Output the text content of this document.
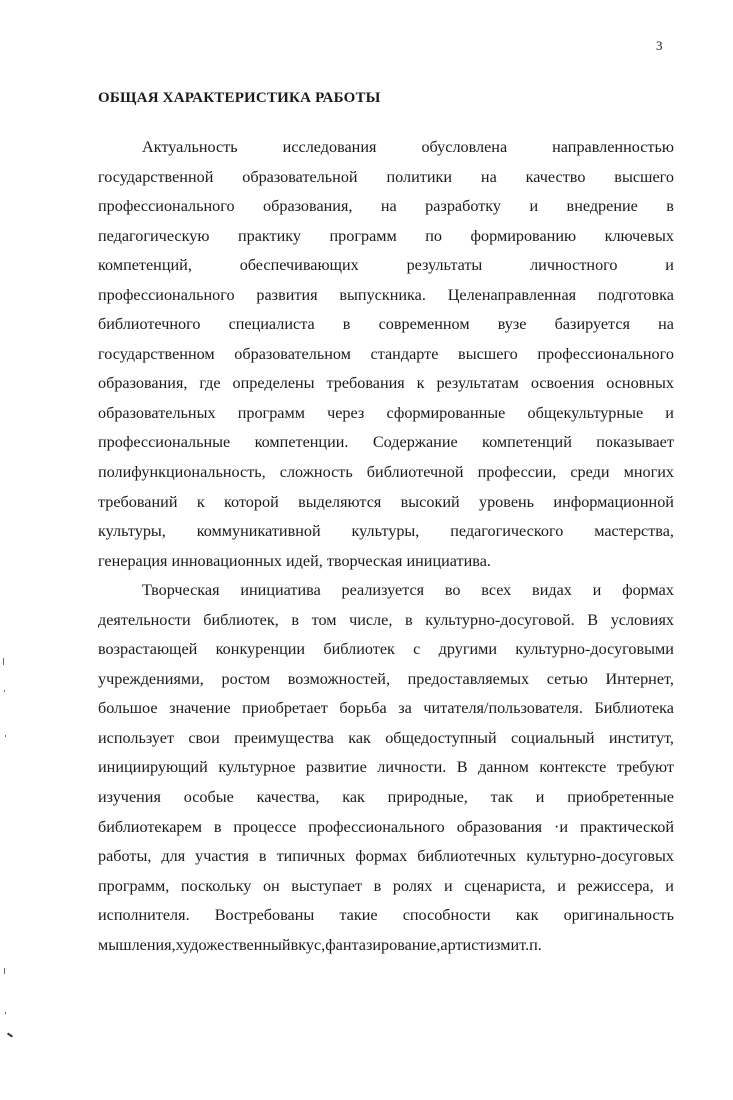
3
ОБЩАЯ ХАРАКТЕРИСТИКА РАБОТЫ
Актуальность	исследования	обусловлена	направленностью
государственной образовательной политики на качество высшего
профессионального образования, на разработку и внедрение в
педагогическую практику программ по формированию ключевых
компетенций,	обеспечивающих	результаты	личностного	и
профессионального развития выпускника. Целенаправленная подготовка
библиотечного специалиста в современном вузе базируется на
государственном образовательном стандарте высшего профессионального
образования, где определены требования к результатам освоения основных
образовательных программ через сформированные общекультурные и
профессиональные компетенции. Содержание компетенций показывает
полифункциональность, сложность библиотечной профессии, среди многих
требований к которой выделяются высокий уровень информационной
культуры, коммуникативной культуры, педагогического мастерства,
генерация инновационных идей, творческая инициатива.
Творческая инициатива реализуется во всех видах и формах
деятельности библиотек, в том числе, в культурно-досуговой. В условиях
возрастающей конкуренции библиотек с другими культурно-досуговыми
учреждениями, ростом возможностей, предоставляемых сетью Интернет,
большое значение приобретает борьба за читателя/пользователя. Библиотека
использует свои преимущества как общедоступный социальный институт,
инициирующий культурное развитие личности. В данном контексте требуют
изучения особые качества, как природные, так и приобретенные
библиотекарем в процессе профессионального образования ·и практической
работы, для участия в типичных формах библиотечных культурно-досуговых
программ, поскольку он выступает в ролях и сценариста, и режиссера, и
исполнителя. Востребованы такие способности как оригинальность
мышления, художественный вкус, фантазирование, артистизм и т.п.
